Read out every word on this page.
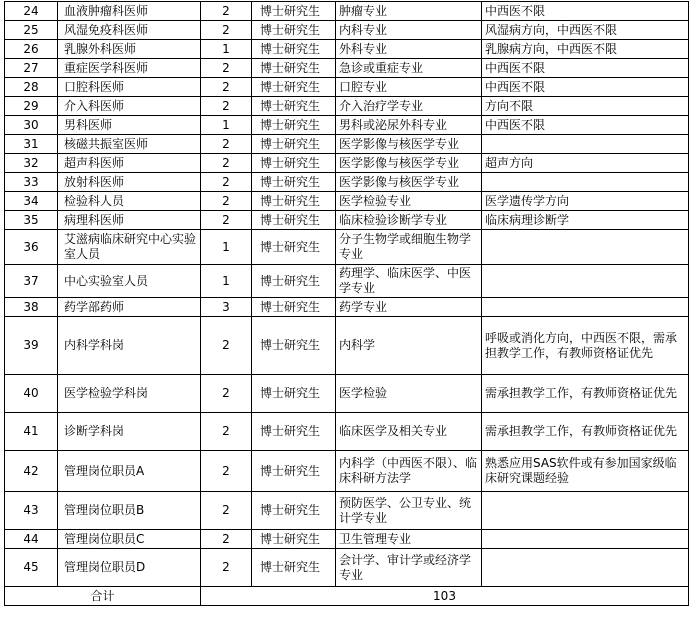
24	血液肿瘤科医师	2	博士研究生	肿瘤专业	中西医不限
25	风湿免疫科医师	2	博士研究生	内科专业	风湿病方向，中西医不限
26	乳腺外科医师	1	博士研究生	外科专业	乳腺病方向，中西医不限
27	重症医学科医师	2	博士研究生	急诊或重症专业	中西医不限
28	口腔科医师	2	博士研究生	口腔专业	中西医不限
29	介入科医师	2	博士研究生	介入治疗学专业	方向不限
30	男科医师	1	博士研究生	男科或泌尿外科专业	中西医不限
31	核磁共振室医师	2	博士研究生	医学影像与核医学专业	
32	超声科医师	2	博士研究生	医学影像与核医学专业	超声方向
33	放射科医师	2	博士研究生	医学影像与核医学专业	
34	检验科人员	2	博士研究生	医学检验专业	医学遗传学方向
35	病理科医师	2	博士研究生	临床检验诊断学专业	临床病理诊断学
36	艾滋病临床研究中心实验室人员	1	博士研究生	分子生物学或细胞生物学专业	
37	中心实验室人员	1	博士研究生	药理学、临床医学、中医学专业	
38	药学部药师	3	博士研究生	药学专业	
39	内科学科岗	2	博士研究生	内科学	呼吸或消化方向，中西医不限，需承担教学工作，有教师资格证优先
40	医学检验学科岗	2	博士研究生	医学检验	需承担教学工作，有教师资格证优先
41	诊断学科岗	2	博士研究生	临床医学及相关专业	需承担教学工作，有教师资格证优先
42	管理岗位职员A	2	博士研究生	内科学（中西医不限）、临床科研方法学	熟悉应用SAS软件或有参加国家级临床研究课题经验
43	管理岗位职员B	2	博士研究生	预防医学、公卫专业、统计学专业	
44	管理岗位职员C	2	博士研究生	卫生管理专业	
45	管理岗位职员D	2	博士研究生	会计学、审计学或经济学专业	
合计		103			
